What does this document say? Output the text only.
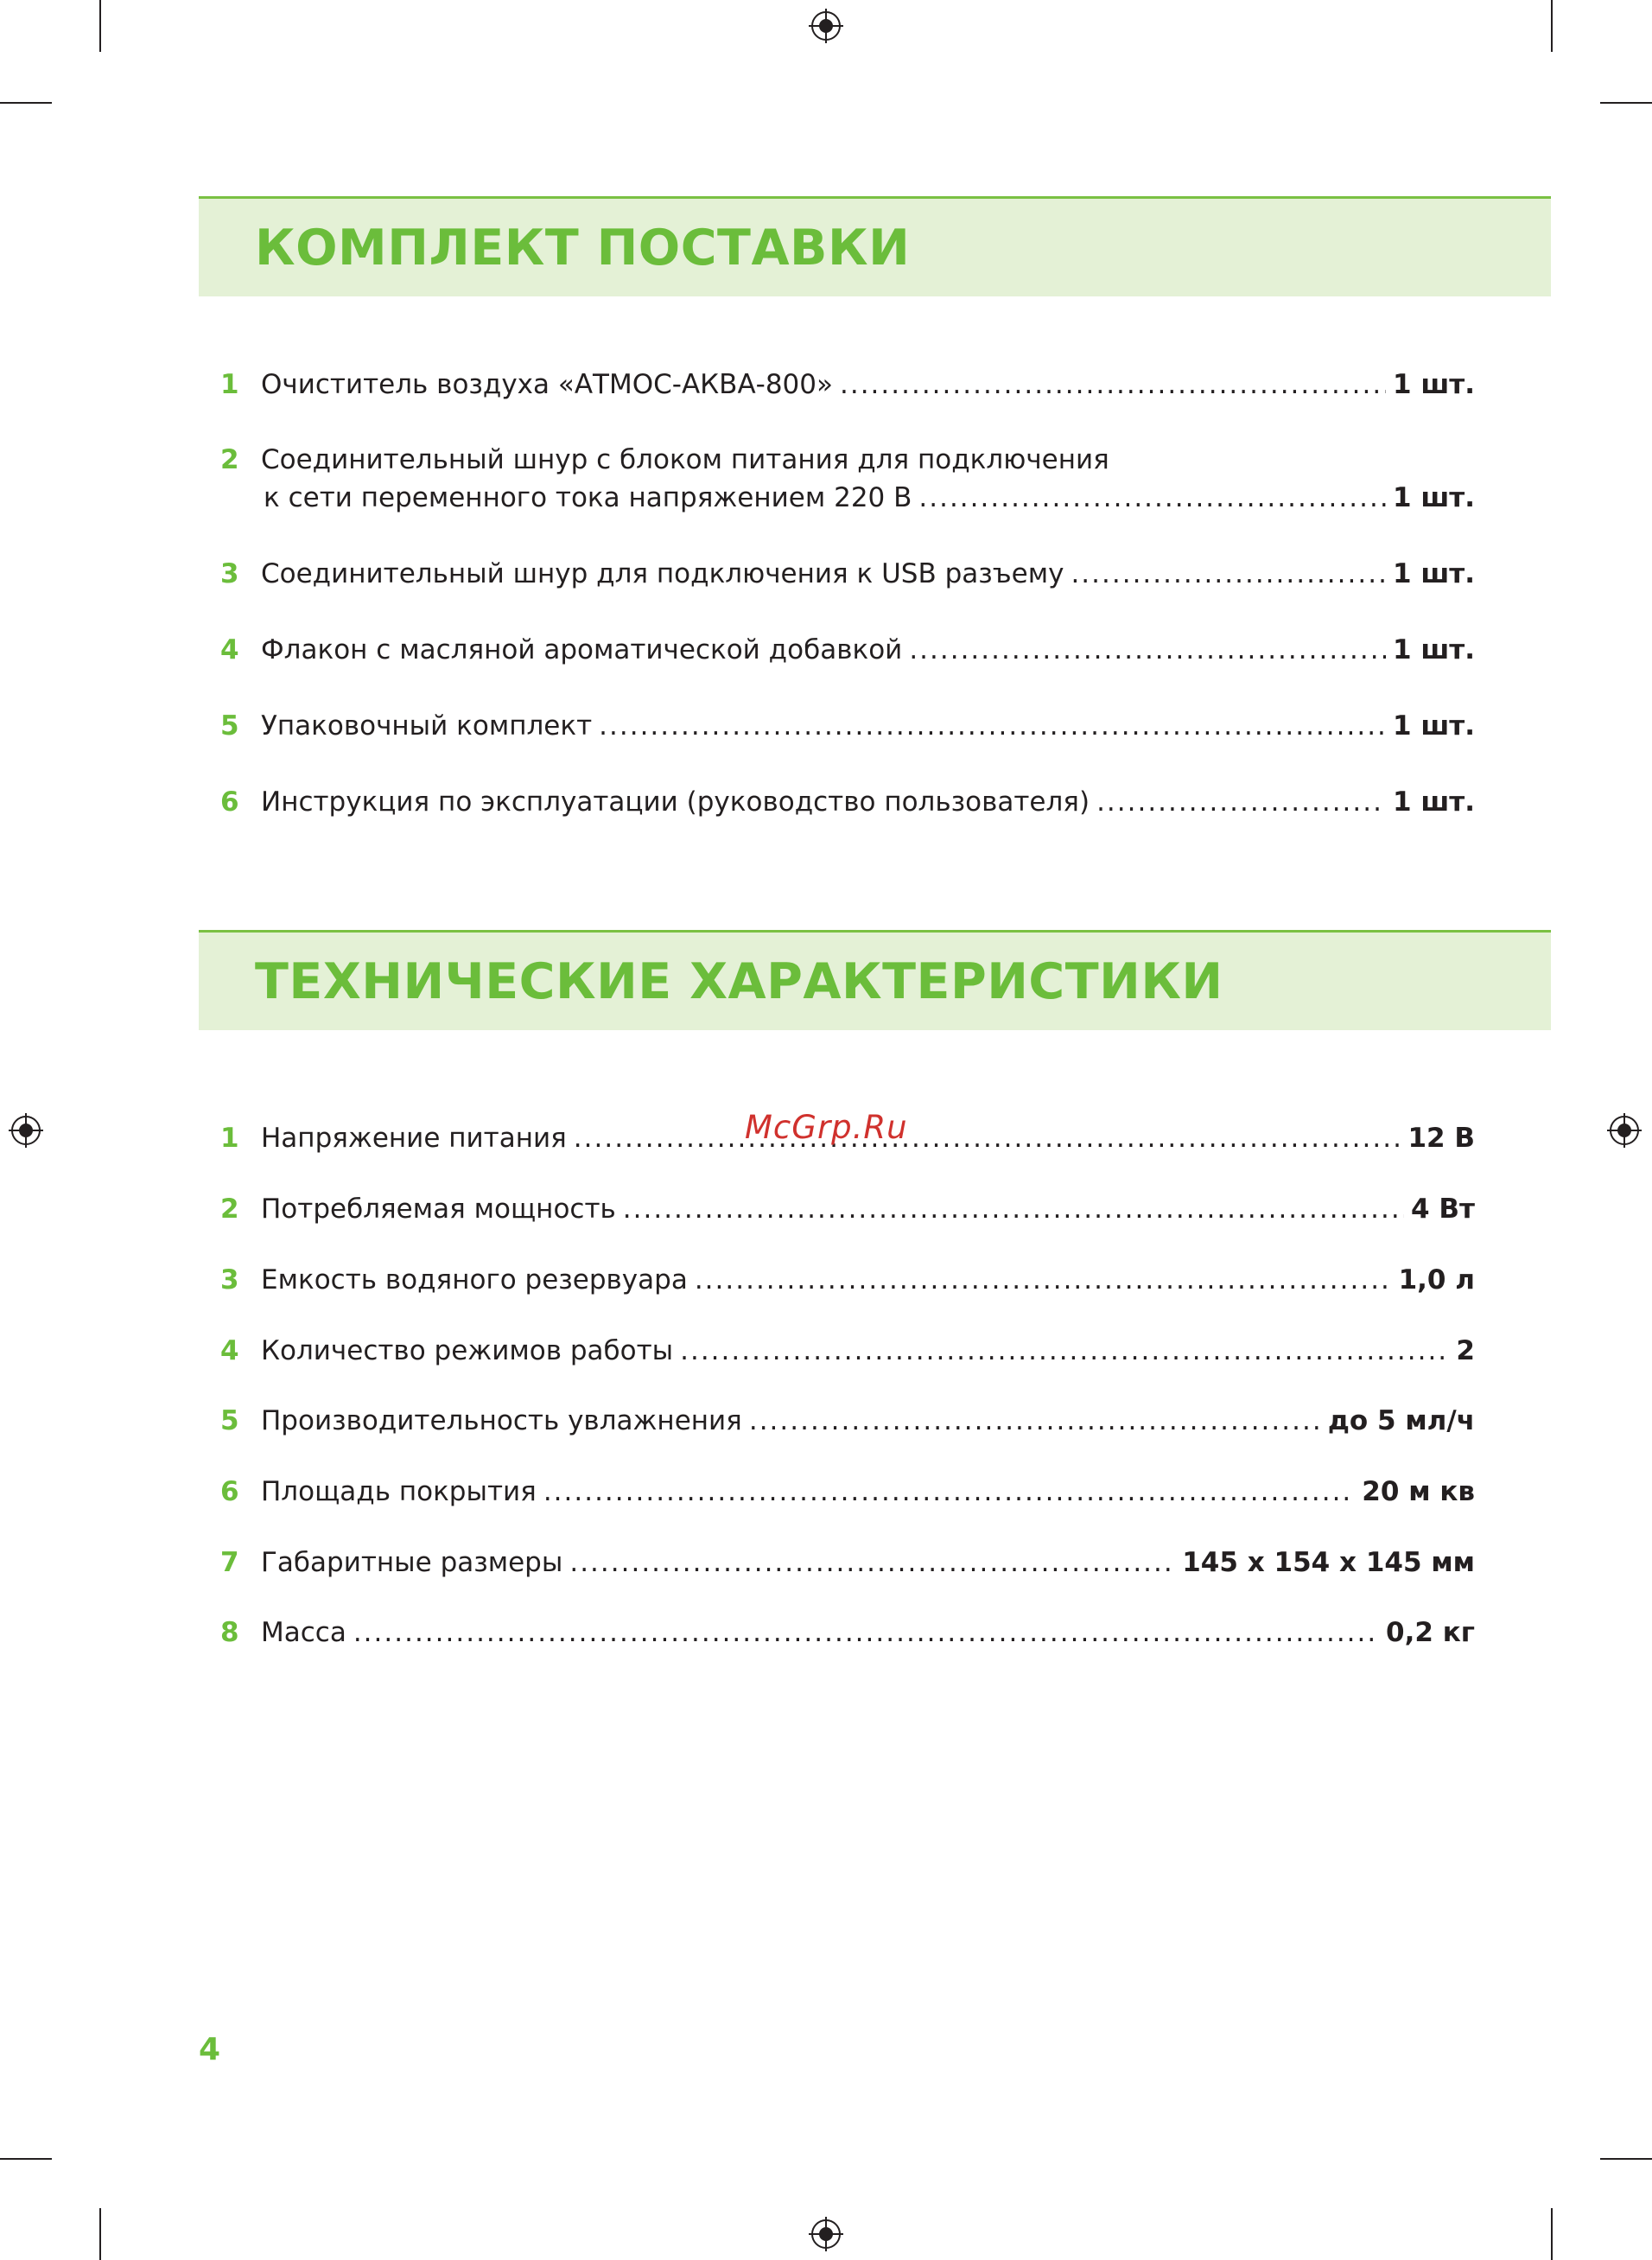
КОМПЛЕКТ ПОСТАВКИ
1 Очиститель воздуха «АТМОС-АКВА-800» .....	1 шт.
2 Соединительный шнур с блоком питания для подключения
к сети переменного тока напряжением 220 В .....	1 шт.
3 Соединительный шнур для подключения к USB разъему .....	1 шт.
4 Флакон с масляной ароматической добавкой .....	1 шт.
5 Упаковочный комплект .....	1 шт.
6 Инструкция по эксплуатации (руководство пользователя) .....	1 шт.
ТЕХНИЧЕСКИЕ ХАРАКТЕРИСТИКИ
1 Напряжение питания .....	12 В
2 Потребляемая мощность .....	4 Вт
3 Емкость водяного резервуара .....	1,0 л
4 Количество режимов работы .....	2
5 Производительность увлажнения .....	до 5 мл/ч
6 Площадь покрытия .....	20 м кв
7 Габаритные размеры .....	145 х 154 х 145 мм
8 Масса .....	0,2 кг
McGrp.Ru
4
